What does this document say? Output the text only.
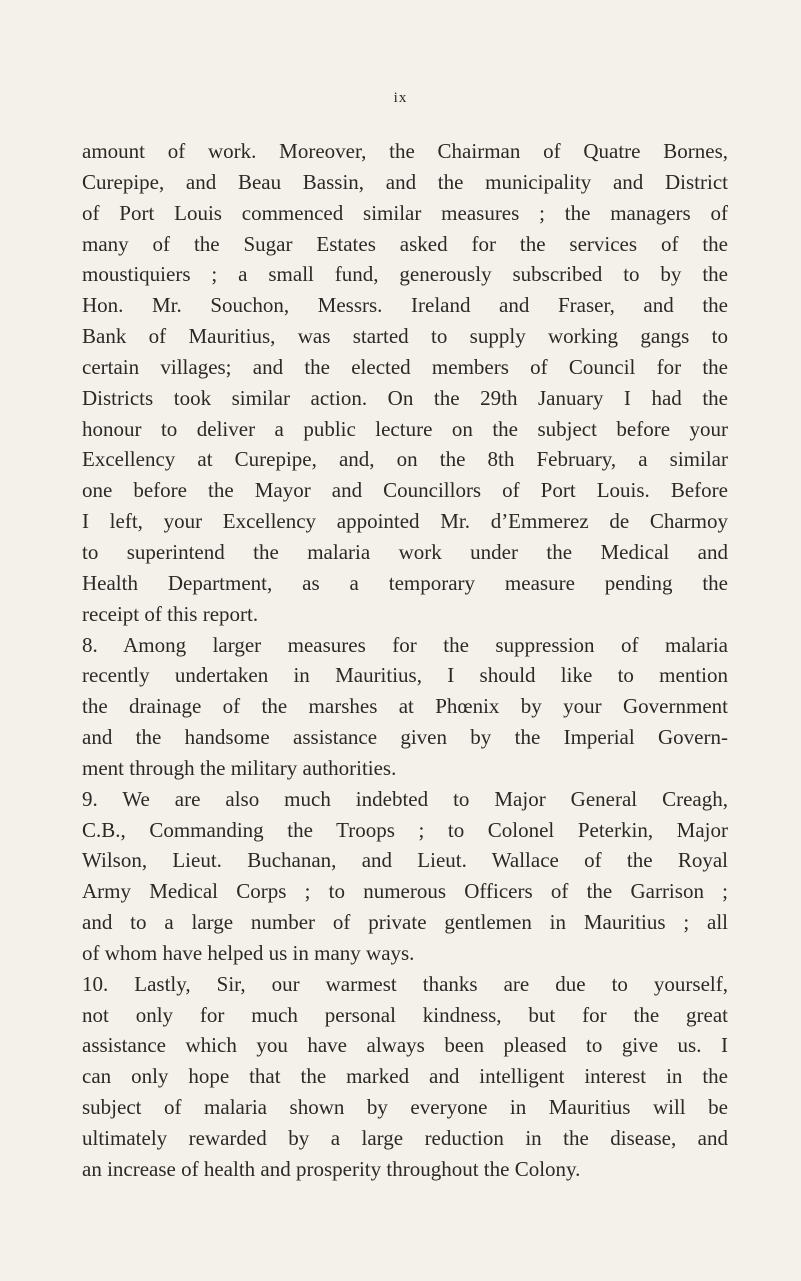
ix
amount of work. Moreover, the Chairman of Quatre Bornes,
Curepipe, and Beau Bassin, and the municipality and District
of Port Louis commenced similar measures ; the managers of
many of the Sugar Estates asked for the services of the
moustiquiers ; a small fund, generously subscribed to by the
Hon. Mr. Souchon, Messrs. Ireland and Fraser, and the
Bank of Mauritius, was started to supply working gangs to
certain villages; and the elected members of Council for the
Districts took similar action. On the 29th January I had the
honour to deliver a public lecture on the subject before your
Excellency at Curepipe, and, on the 8th February, a similar
one before the Mayor and Councillors of Port Louis. Before
I left, your Excellency appointed Mr. d’Emmerez de Charmoy
to superintend the malaria work under the Medical and
Health Department, as a temporary measure pending the
receipt of this report.
8. Among larger measures for the suppression of malaria
recently undertaken in Mauritius, I should like to mention
the drainage of the marshes at Phœnix by your Government
and the handsome assistance given by the Imperial Govern-
ment through the military authorities.
9. We are also much indebted to Major General Creagh,
C.B., Commanding the Troops ; to Colonel Peterkin, Major
Wilson, Lieut. Buchanan, and Lieut. Wallace of the Royal
Army Medical Corps ; to numerous Officers of the Garrison ;
and to a large number of private gentlemen in Mauritius ; all
of whom have helped us in many ways.
10. Lastly, Sir, our warmest thanks are due to yourself,
not only for much personal kindness, but for the great
assistance which you have always been pleased to give us. I
can only hope that the marked and intelligent interest in the
subject of malaria shown by everyone in Mauritius will be
ultimately rewarded by a large reduction in the disease, and
an increase of health and prosperity throughout the Colony.
